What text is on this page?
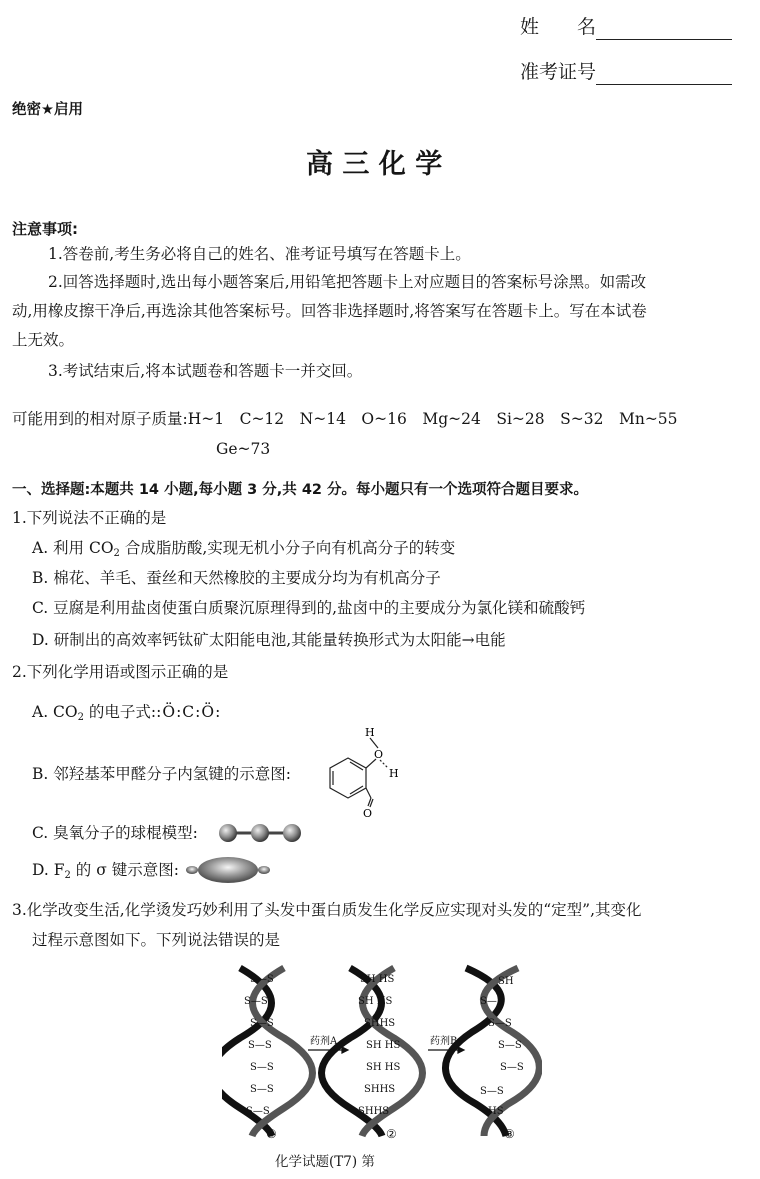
姓　　名
准考证号
绝密★启用
高 三 化 学
注意事项:
1.答卷前,考生务必将自己的姓名、准考证号填写在答题卡上。
2.回答选择题时,选出每小题答案后,用铅笔把答题卡上对应题目的答案标号涂黑。如需改
动,用橡皮擦干净后,再选涂其他答案标号。回答非选择题时,将答案写在答题卡上。写在本试卷
上无效。
3.考试结束后,将本试题卷和答题卡一并交回。
可能用到的相对原子质量:H~1　C~12　N~14　O~16　Mg~24　Si~28　S~32　Mn~55
Ge~73
一、选择题:本题共 14 小题,每小题 3 分,共 42 分。每小题只有一个选项符合题目要求。
1.下列说法不正确的是
A. 利用 $CO_2$ 合成脂肪酸,实现无机小分子向有机高分子的转变
B. 棉花、羊毛、蚕丝和天然橡胶的主要成分均为有机高分子
C. 豆腐是利用盐卤使蛋白质聚沉原理得到的,盐卤中的主要成分为氯化镁和硫酸钙
D. 研制出的高效率钙钛矿太阳能电池,其能量转换形式为太阳能→电能
2.下列化学用语或图示正确的是
A. $CO_2$ 的电子式::Ö:C:Ö:
B. 邻羟基苯甲醛分子内氢键的示意图:
H
O
H
O
C. 臭氧分子的球棍模型:
D. $F_2$ 的 σ 键示意图:
3.化学改变生活,化学烫发巧妙利用了头发中蛋白质发生化学反应实现对头发的“定型”,其变化
过程示意图如下。下列说法错误的是
S—S
S—S
S—S
S—S
S—S
S—S
S—S
SH HS
SH HS
SHHS
SH HS
SH HS
SHHS
SHHS
SH
S—S
S—S
S—S
S—S
S—S
HS
药剂A	药剂B
①	②	③
化学试题(T7) 第
